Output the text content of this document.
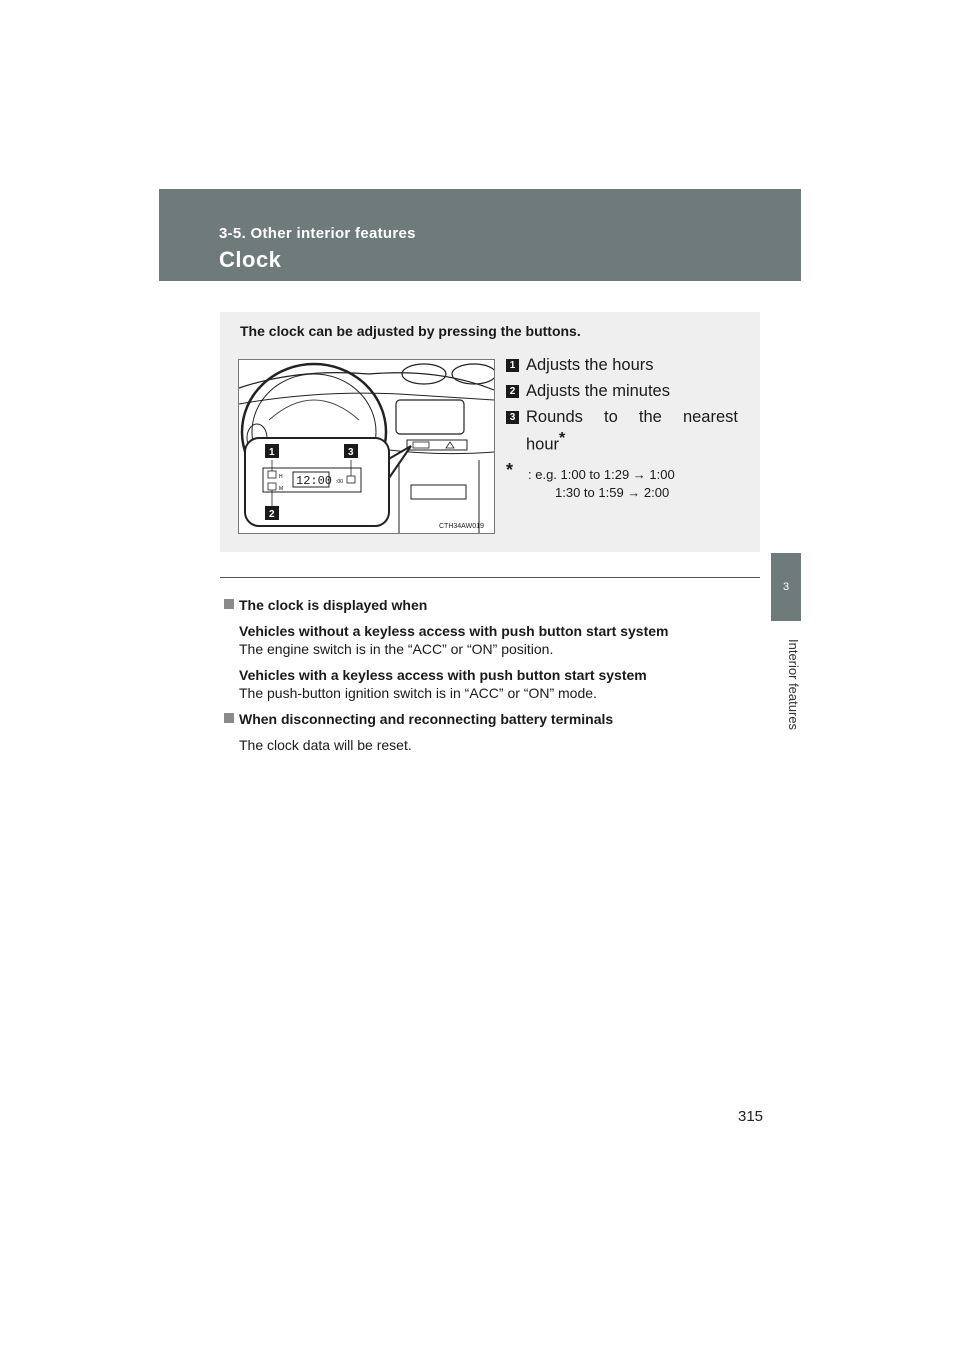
3-5. Other interior features
Clock
3
Interior features
The clock can be adjusted by pressing the buttons.
H
M
12:00 :00
1	3
2
CTH34AW019
1 Adjusts the hours
2 Adjusts the minutes
3 Rounds to the nearest
hour*
* : e.g. 1:00 to 1:29 → 1:00
1:30 to 1:59 → 2:00
The clock is displayed when
Vehicles without a keyless access with push button start system
The engine switch is in the “ACC” or “ON” position.
Vehicles with a keyless access with push button start system
The push-button ignition switch is in “ACC” or “ON” mode.
When disconnecting and reconnecting battery terminals
The clock data will be reset.
315
